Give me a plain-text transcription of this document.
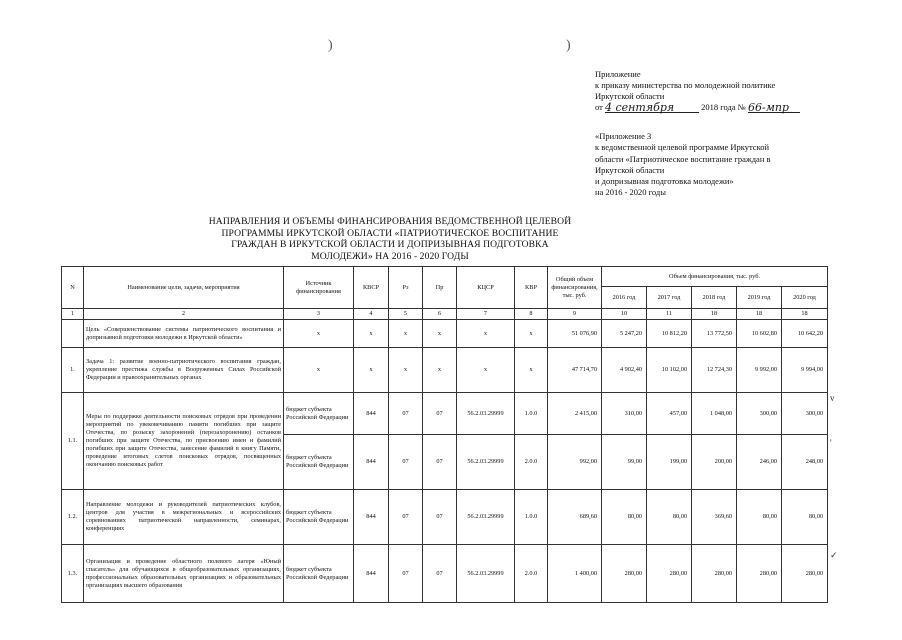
)	)
Приложение
к приказу министерства по молодежной политике
Иркутской области
от 4 сентября	2018 года № 66-мпр
«Приложение 3
к ведомственной целевой программе Иркутской
области «Патриотическое воспитание граждан в
Иркутской области
и допризывная подготовка молодежи»
на 2016 - 2020 годы
НАПРАВЛЕНИЯ И ОБЪЕМЫ ФИНАНСИРОВАНИЯ ВЕДОМСТВЕННОЙ ЦЕЛЕВОЙ
ПРОГРАММЫ ИРКУТСКОЙ ОБЛАСТИ «ПАТРИОТИЧЕСКОЕ ВОСПИТАНИЕ
ГРАЖДАН В ИРКУТСКОЙ ОБЛАСТИ И ДОПРИЗЫВНАЯ ПОДГОТОВКА
МОЛОДЕЖИ» НА 2016 - 2020 ГОДЫ
N	Наименование цели, задачи, мероприятия	Источник финансирования	КВСР	Рз	Пр	КЦСР	КВР	Общий объем финансирования, тыс. руб.	Объем финансирования, тыс. руб.				
									2016 год	2017 год	2018 год	2019 год	2020 год
1	2	3	4	5	6	7	8	9	10	11	18	18	18
	Цель «Совершенствование системы патриотического воспитания и допризывной подготовки молодежи в Иркутской области»	х	х	х	х	х	х	51 076,90	5 247,20	10 812,20	13 772,50	10 602,80	10 642,20
1.	Задача 1: развитие военно-патриотического воспитания граждан, укрепление престижа службы в Вооруженных Силах Российской Федерации и правоохранительных органах	х	х	х	х	х	х	47 714,70	4 902,40	10 102,00	12 724,30	9 992,00	9 994,00
1.1.	Меры по поддержке деятельности поисковых отрядов при проведении мероприятий по увековечиванию памяти погибших при защите Отечества, по розыску захоронений (перезахоронению) останков погибших при защите Отечества, по присвоению имен и фамилий погибших при защите Отечества, занесение фамилий в книгу Памяти, проведение итоговых слетов поисковых отрядов, посвященных окончанию поисковых работ	бюджет субъекта Российской Федерации	844	07	07	56.2.03.29999	1.0.0	2 415,00	310,00	457,00	1 048,00	300,00	300,00
		бюджет субъекта Российской Федерации	844	07	07	56.2.03.29999	2.0.0	992,00	99,00	199,00	200,00	246,00	248,00
1.2.	Направление молодежи и руководителей патриотических клубов, центров для участия в межрегиональных и всероссийских соревнованиях патриотической направленности, семинарах, конференциях	бюджет субъекта Российской Федерации	844	07	07	56.2.03.29999	1.0.0	689,60	80,00	80,00	369,60	80,00	80,00
1.3.	Организация и проведение областного полевого лагеря «Юный спасатель» для обучающихся в общеобразовательных организациях, профессиональных образовательных организациях и образовательных организациях высшего образования	бюджет субъекта Российской Федерации	844	07	07	56.2.03.29999	2.0.0	1 400,00	280,00	280,00	280,00	280,00	280,00
v
'
✓
